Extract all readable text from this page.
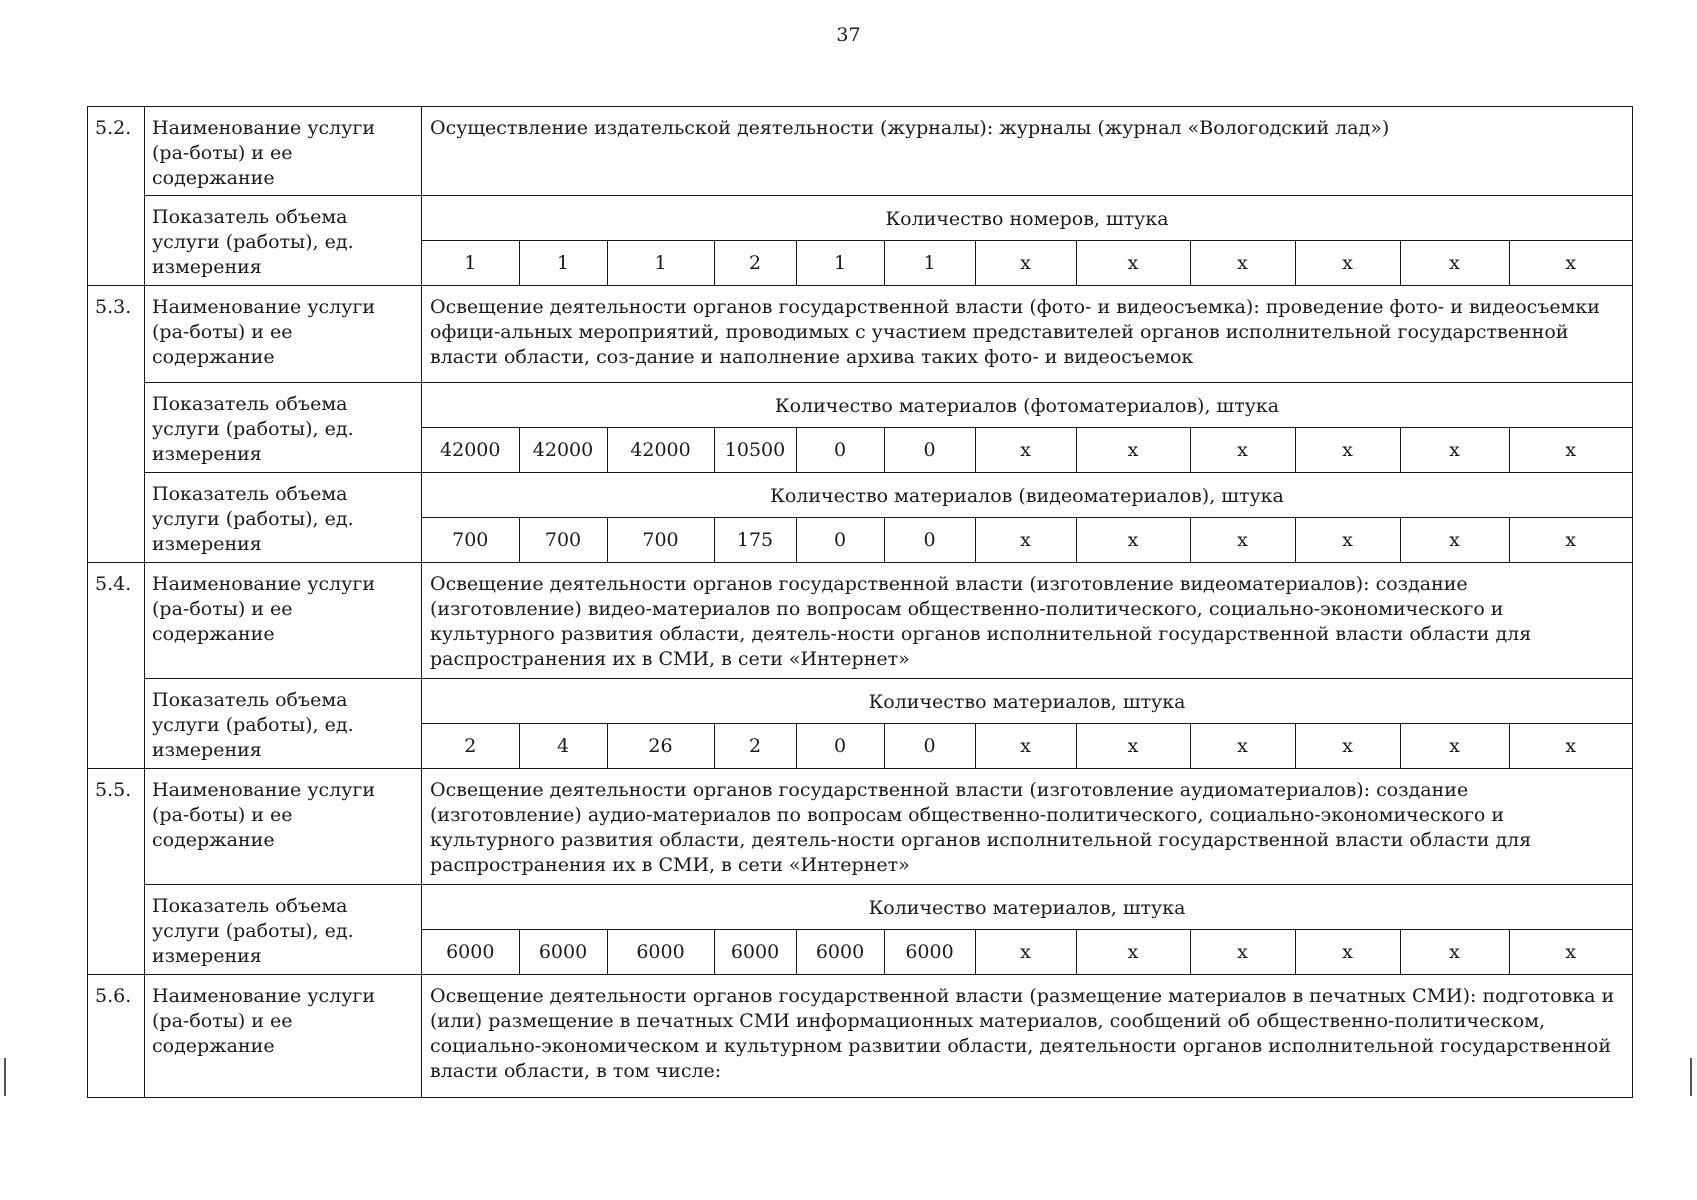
37
5.2.	Наименование услуги (ра-боты) и ее содержание	Осуществление издательской деятельности (журналы): журналы (журнал «Вологодский лад»)
Показатель объема услуги (работы), ед. измерения	
Количество номеров, штука
1	1	1	2	1	1	x	x	x	x	x	x

5.3.	Наименование услуги (ра-боты) и ее содержание	Освещение деятельности органов государственной власти (фото- и видеосъемка): проведение фото- и видеосъемки офици-альных мероприятий, проводимых с участием представителей органов исполнительной государственной власти области, соз-дание и наполнение архива таких фото- и видеосъемок
Показатель объема услуги (работы), ед. измерения	
Количество материалов (фотоматериалов), штука
42000	42000	42000	10500	0	0	x	x	x	x	x	x

Показатель объема услуги (работы), ед. измерения	
Количество материалов (видеоматериалов), штука
700	700	700	175	0	0	x	x	x	x	x	x

5.4.	Наименование услуги (ра-боты) и ее содержание	Освещение деятельности органов государственной власти (изготовление видеоматериалов): создание (изготовление) видео-материалов по вопросам общественно-политического, социально-экономического и культурного развития области, деятель-ности органов исполнительной государственной власти области для распространения их в СМИ, в сети «Интернет»
Показатель объема услуги (работы), ед. измерения	
Количество материалов, штука
2	4	26	2	0	0	x	x	x	x	x	x

5.5.	Наименование услуги (ра-боты) и ее содержание	Освещение деятельности органов государственной власти (изготовление аудиоматериалов): создание (изготовление) аудио-материалов по вопросам общественно-политического, социально-экономического и культурного развития области, деятель-ности органов исполнительной государственной власти области для распространения их в СМИ, в сети «Интернет»
Показатель объема услуги (работы), ед. измерения	
Количество материалов, штука
6000	6000	6000	6000	6000	6000	x	x	x	x	x	x

5.6.	Наименование услуги (ра-боты) и ее содержание	Освещение деятельности органов государственной власти (размещение материалов в печатных СМИ): подготовка и (или) размещение в печатных СМИ информационных материалов, сообщений об общественно-политическом, социально-экономическом и культурном развитии области, деятельности органов исполнительной государственной власти области, в том числе:
